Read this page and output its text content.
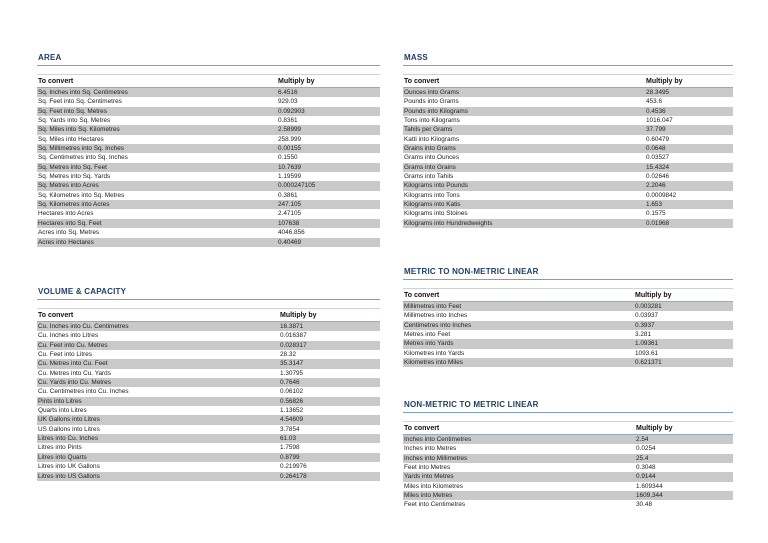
AREA
To convert	Multiply by
Sq. Inches into Sq. Centimetres	6.4516
Sq. Feet into Sq. Centimetres	929.03
Sq. Feet into Sq. Metres	0.092903
Sq. Yards into Sq. Metres	0.8361
Sq. Miles into Sq. Kilometres	2.58999
Sq. Miles into Hectares	258.999
Sq. Millimetres into Sq. Inches	0.00155
Sq. Centimetres into Sq. Inches	0.1550
Sq. Metres into Sq. Feet	10.7639
Sq. Metres into Sq. Yards	1.19599
Sq. Metres into Acres	0.000247105
Sq. Kilometres into Sq. Metres	0.3861
Sq. Kilometres into Acres	247.105
Hectares into Acres	2.47105
Hectares into Sq. Feet	107638
Acres into Sq. Metres	4046.856
Acres into Hectares	0.40469
VOLUME & CAPACITY
To convert	Multiply by
Cu. Inches into Cu. Centimetres	16.3871
Cu. Inches into Litres	0.016387
Cu. Feet into Cu. Metres	0.028317
Cu. Feet into Litres	28.32
Cu. Metres into Cu. Feet	35.3147
Cu. Metres into Cu. Yards	1.30795
Cu. Yards into Cu. Metres	0.7646
Cu. Centimetres into Cu. Inches	0.06102
Pints into Litres	0.56826
Quarts into Litres	1.13652
UK Gallons into Litres	4.54609
US Gallons into Litres	3.7854
Litres into Cu. Inches	61.03
Litres into Pints	1.7598
Litres into Quarts	0.8799
Litres into UK Gallons	0.219976
Litres into US Gallons	0.264178
MASS
To convert	Multiply by
Ounces into Grams	28.3495
Pounds into Grams	453.6
Pounds into Kilograms	0.4536
Tons into Kilograms	1016.047
Tahils per Grams	37.799
Katti into Kilograms	0.60479
Grains into Grams	0.0648
Grams into Ounces	0.03527
Grams into Grains	15.4324
Grams into Tahils	0.02646
Kilograms into Pounds	2.2046
Kilograms into Tons	0.0009842
Kilograms into Katis	1.653
Kilograms into Stoines	0.1575
Kilograms into Hundredweights	0.01968
METRIC TO NON-METRIC LINEAR
To convert	Multiply by
Millimetres into Feet	0.003281
Millimetres into Inches	0.03937
Centimetres into Inches	0.3937
Metres into Feet	3.281
Metres into Yards	1.09361
Kilometres into Yards	1093.61
Kilometres into Miles	0.621371
NON-METRIC TO METRIC LINEAR
To convert	Multiply by
Inches into Centimetres	2.54
Inches into Metres	0.0254
Inches into Millimetres	25.4
Feet into Metres	0.3048
Yards into Metres	0.9144
Miles into Kilometres	1.609344
Miles into Metres	1609.344
Feet into Centimetres	30.48
